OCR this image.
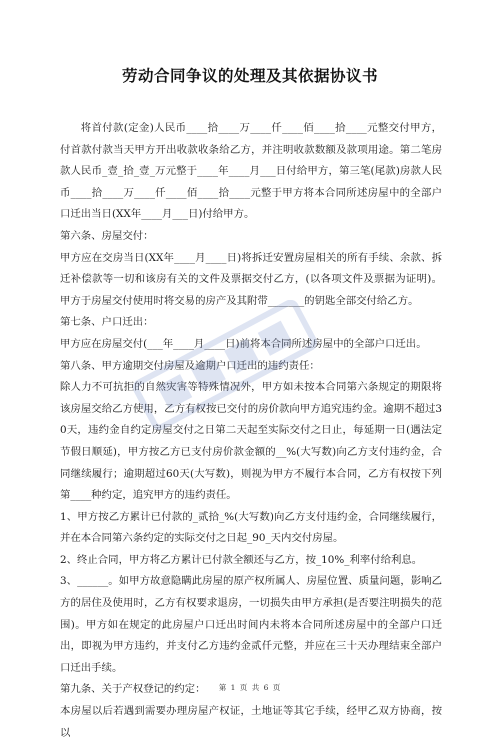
劳动合同争议的处理及其依据协议书

将首付款(定金)人民币____拾____万____仟____佰____拾____元整交付甲方，付首款付款当天甲方开出收款收条给乙方，并注明收款数额及款项用途。第二笔房款人民币_壹_拾_壹_万元整于____年____月___日付给甲方，第三笔(尾款)房款人民币____拾____万____仟____佰____拾____元整于甲方将本合同所述房屋中的全部户口迁出当日(XX年____月___日)付给甲方。

第六条、房屋交付：

甲方应在交房当日(XX年____月____日)将拆迁安置房屋相关的所有手续、余款、拆迁补偿款等一切和该房有关的文件及票据交付乙方，(以各项文件及票据为证明)。甲方于房屋交付使用时将交易的房产及其附带_______的钥匙全部交付给乙方。

第七条、户口迁出：

甲方应在房屋交付(___年____月____日)前将本合同所述房屋中的全部户口迁出。

第八条、甲方逾期交付房屋及逾期户口迁出的违约责任：

除人力不可抗拒的自然灾害等特殊情况外，甲方如未按本合同第六条规定的期限将该房屋交给乙方使用，乙方有权按已交付的房价款向甲方追究违约金。逾期不超过30天，违约金自约定房屋交付之日第二天起至实际交付之日止，每延期一日(遇法定节假日顺延)，甲方按乙方已支付房价款金额的__%(大写数)向乙方支付违约金，合同继续履行；逾期超过60天(大写数)，则视为甲方不履行本合同，乙方有权按下列第____种约定，追究甲方的违约责任。

1、甲方按乙方累计已付款的_贰拾_%(大写数)向乙方支付违约金，合同继续履行，并在本合同第六条约定的实际交付之日起_90_天内交付房屋。

2、终止合同，甲方将乙方累计已付款全额还与乙方，按_10%_利率付给利息。

3、______。如甲方故意隐瞒此房屋的原产权所属人、房屋位置、质量问题，影响乙方的居住及使用时，乙方有权要求退房，一切损失由甲方承担(是否要注明损失的范围)。甲方如在规定的此房屋户口迁出时间内未将本合同所述房屋中的全部户口迁出，即视为甲方违约，并支付乙方违约金贰仟元整，并应在三十天办理结束全部户口迁出手续。

第九条、关于产权登记的约定：

本房屋以后若遇到需要办理房屋产权证，土地证等其它手续，经甲乙双方协商，按以

第 1 页 共 6 页
